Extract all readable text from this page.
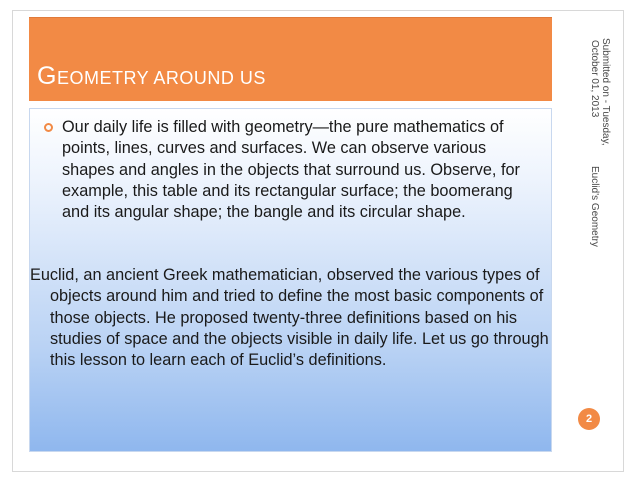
GEOMETRY AROUND US

Our daily life is filled with geometry—the pure mathematics of points, lines, curves and surfaces. We can observe various shapes and angles in the objects that surround us. Observe, for example, this table and its rectangular surface; the boomerang and its angular shape; the bangle and its circular shape.

Euclid, an ancient Greek mathematician, observed the various types of objects around him and tried to define the most basic components of those objects. He proposed twenty-three definitions based on his studies of space and the objects visible in daily life. Let us go through this lesson to learn each of Euclid’s definitions.

Submitted on - Tuesday,
October 01, 2013
Euclid's Geometry
2
